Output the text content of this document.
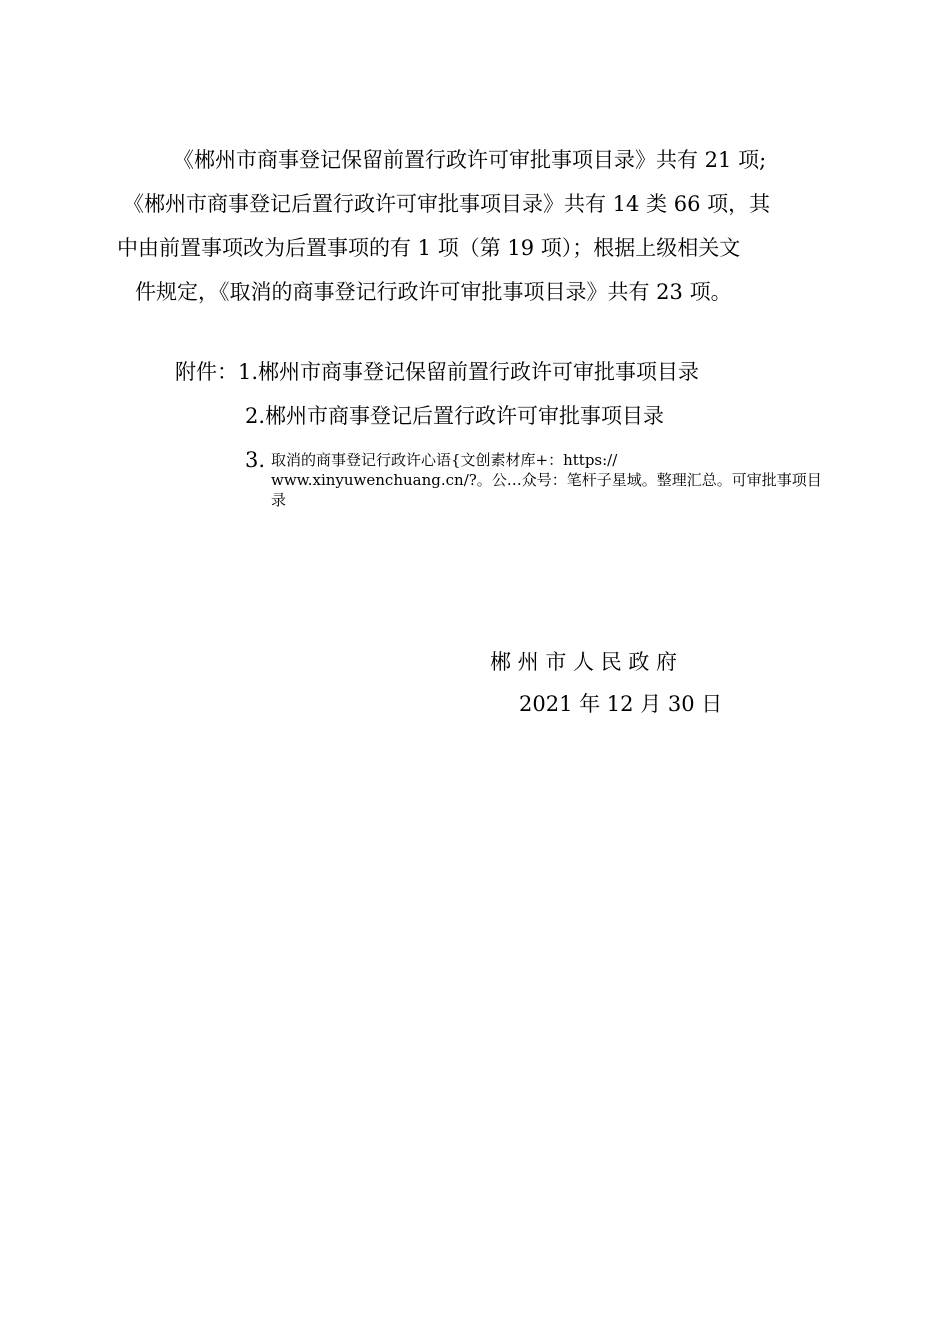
《郴州市商事登记保留前置行政许可审批事项目录》共有 21 项;
《郴州市商事登记后置行政许可审批事项目录》共有 14 类 66 项，其
中由前置事项改为后置事项的有 1 项（第 19 项）；根据上级相关文
件规定，《取消的商事登记行政许可审批事项目录》共有 23 项。
附件：1.郴州市商事登记保留前置行政许可审批事项目录
2.郴州市商事登记后置行政许可审批事项目录
3. 取消的商事登记行政许心语{文创素材库+：https://
www.xinyuwenchuang.cn/?。公…众号：笔杆子星域。整理汇总。可审批事项目
录
郴 州 市 人 民 政 府
2021 年 12 月 30 日
